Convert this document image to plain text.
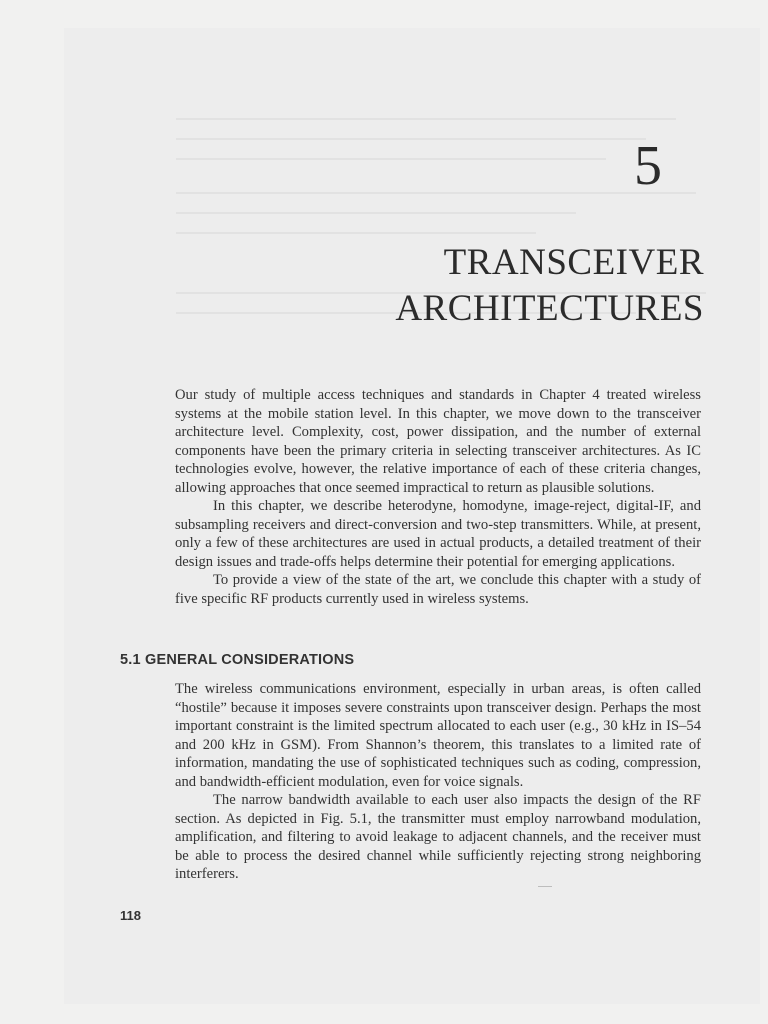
5
TRANSCEIVER
ARCHITECTURES

Our study of multiple access techniques and standards in Chapter 4 treated wireless systems at the mobile station level. In this chapter, we move down to the transceiver architecture level. Complexity, cost, power dissipation, and the number of external components have been the primary criteria in selecting transceiver architectures. As IC technologies evolve, however, the relative importance of each of these criteria changes, allowing approaches that once seemed impractical to return as plausible solutions.

In this chapter, we describe heterodyne, homodyne, image-reject, digital-IF, and subsampling receivers and direct-conversion and two-step transmitters. While, at present, only a few of these architectures are used in actual products, a detailed treatment of their design issues and trade-offs helps determine their potential for emerging applications.

To provide a view of the state of the art, we conclude this chapter with a study of five specific RF products currently used in wireless systems.

5.1 GENERAL CONSIDERATIONS

The wireless communications environment, especially in urban areas, is often called “hostile” because it imposes severe constraints upon transceiver design. Perhaps the most important constraint is the limited spectrum allocated to each user (e.g., 30 kHz in IS–54 and 200 kHz in GSM). From Shannon’s theorem, this translates to a limited rate of information, mandating the use of sophisticated techniques such as coding, compression, and bandwidth-efficient modulation, even for voice signals.

The narrow bandwidth available to each user also impacts the design of the RF section. As depicted in Fig. 5.1, the transmitter must employ narrowband modulation, amplification, and filtering to avoid leakage to adjacent channels, and the receiver must be able to process the desired channel while sufficiently rejecting strong neighboring interferers.

118
